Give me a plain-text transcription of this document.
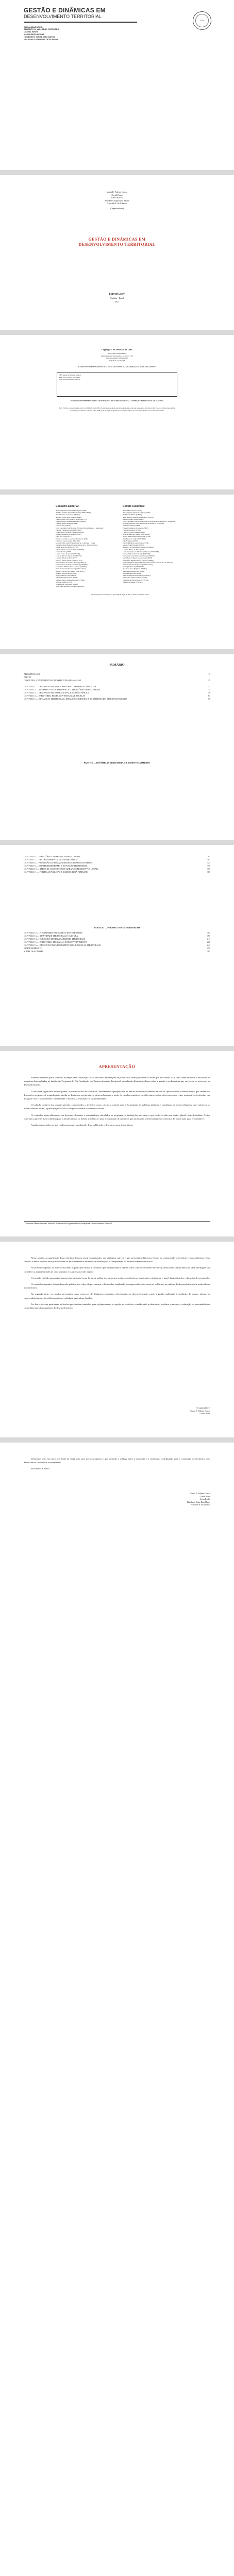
GESTÃO E DINÂMICAS EM
DESENVOLVIMENTO TERRITORIAL
ORGANIZADORES:
BENEDITO A. VALLADÃO PERRUTRO
CAETAL BRUM
MARIA GEISA ROCHA
HUMBERTO JORGE DIAS MATOS
FRANCIELE FERREIRA DE ALMEIDA
CRV
Maria E. Valente Garcia
Caetal Brum
Geisa Rocha
Humberto Jorge Dias Matos
Franciele F. de Almeida
(Organizadores)
GESTÃO E DINÂMICAS EM DESENVOLVIMENTO TERRITORIAL
EDITORA CRV
Curitiba - Brasil
2021
Copyright © da Editora CRV Ltda.
Editor-chefe: Railson Moura
Diagramação e Capa: Designers da Editora CRV
Revisão: Analista de Linguagem
Imagem da capa: Freepik
DADOS INTERNACIONAIS DE CATALOGAÇÃO NA PUBLICAÇÃO (CIP) CATALOGAÇÃO NA FONTE
ISBN Digital 978-65-251-0000-0
ISBN Físico 978-65-251-0000-0
DOI 10.24824/978652510000.0
ESTA OBRA TAMBÉM ENCONTRA-SE DISPONÍVEL EM FORMATO DIGITAL. CONHEÇA E BAIXE NOSSO APLICATIVO!
2021. Foi feito o depósito legal conf. Lei 10.994 de 14/12/2004. Proibida a reprodução parcial ou total desta obra sem autorização da Editora CRV. Todos os direitos desta edição reservados pela: Editora CRV. Tel.: (41) 3039-6418 - E-mail: sac@editoracrv.com.br. Conheça os nossos lançamentos: www.editoracrv.com.br
Conselho Editorial:
Aldira Guimarães Duarte Domínguez (UNB)
Andréia da Silva Quintanilha Sousa (UNIR/UFRN)
Anselmo Alencar Colares (UFOPA)
Antônio Pereira Gaio Júnior (UFRRJ)
Carlos Alberto Vilar Estêvão (UMINHO - PT)
Carlos Federico Dominguez Avila (Unieuro)
Carmen Tereza Velanga (UNIR)
Celso Conti (UFSCar)
Cesar Gerónimo Tello (Univer. Nacional Três de Febrero - Argentina)
Eduardo Fernandes Barbosa (UFMG)
Elione Maria Nogueira Diogenes (UFAL)
Elizeu Clementino de Souza (UNEB)
Élsio José Corá (UFFS)
Fernando Antônio Gonçalves Alcoforado (IPB)
Francisco Carlos Duarte (PUC-PR)
Gloria Fariñas León (Universidade de La Havana - Cuba)
Guillermo Arias Beatón (Universidade de La Havana - Cuba)
Jailson Alves dos Santos (UFRJ)
João Adalberto Campato Junior (UNESP)
Josania Portela (UFPI)
Leonel Severo Rocha (UNISINOS)
Lídia de Oliveira Xavier (UNIEURO)
Lourdes Helena da Silva (UFV)
Marcelo Paixão (UFRJ e UTexas - US)
Maria Cristina dos Santos Bezerra (UFSCar)
Maria de Lourdes Pinto de Almeida (UNOESC)
Maria Lília Imbiriba Sousa Colares (UFOPA)
Paulo Romualdo Hernandes (UNIFAL-MG)
Renato Francisco dos Santos Paula (UFG)
Rodrigo Pratte-Santos (UFES)
Sérgio Nunes de Jesus (IFRO)
Simone Rodrigues Pinto (UNB)
Solange Helena Ximenes-Rocha (UFOPA)
Sydione Santos (UEPG)
Tadeu Oliver Gonçalves (UFPA)
Tania Suely Azevedo Brasileiro (UFOPA)
Comitê Científico:
Altair Alberto Fávero (UPF)
Ana Chrystina Venancio Mignot (UERJ)
Andréia N. Militão (UEMS)
Anna Augusta Sampaio de Oliveira (UNESP)
Barbara Coelho Neves (UFBA)
Cesar Gerónimo Tello (Universidad Nacional de Três de Febrero - Argentina)
Diosnel Centurion (Univ Autónoma de Assunção - Paraguai)
Eliane Rose Maio (UEM)
Elizeu Clementino de Souza (UNEB)
Fauston Negreiros (UFPI)
Francisco Ari de Andrade (UFC)
Gláucia Maria dos Santos Jorge (UFOP)
Helder Buenos Aires de Carvalho (UFPI)
Ilma Passos A. Veiga (UNICEUB)
Inês Bragança (UERJ)
José de Ribamar Sousa Pereira (UCB)
Jussara Fraga Portugal (UNEB)
Kilwangy Kya Kapitango-a-Samba (Unemat)
Lourdes Helena da Silva (UFV)
Lucia Marisy Souza Ribeiro de Oliveira (UNIVASF)
Marcos Vinicius Francisco (UNOESTE)
Maria de Lourdes Pinto de Almeida (UNOESC)
Maria Eurácia Barreto de Andrade (UFRB)
Maria Lília Imbiriba Sousa Colares (UFOPA)
Míguel Ángel Rodríguez Macías (Universidade Complutense de Madrid)
Paulo Romualdo Hernandes (UNIFAL-MG)
Rosângela Fritsch (UNISINOS)
Rosemary Dore Heijmans (UFMG)
Simone Rodrigues Pinto (UNB)
Silvia Regina Canan (URI)
Sonia Maria Ferreira Koehler (UNISAL)
Suzana dos Santos Gomes (UFMG)
Vânia Alves Martins Chaigar (FURG)
Vera Lucia Gaspar (UDESC)
Este livro passou por avaliação e aprovação às cegas de dois ou mais pareceristas ad hoc.
SUMÁRIO
APRESENTAÇÃO	11
PARTE I
CONCEITOS, FUNDAMENTOS E PERSPECTIVAS DE ANÁLISE	15
CAPÍTULO 1 — DESENVOLVIMENTO TERRITORIAL: TEORIAS E CONCEITOS	17
CAPÍTULO 2 — A PERSPECTIVA TERRITORIAL E O TERRITÓRIO EM SEU DEBATE	33
CAPÍTULO 3 — DESENVOLVIMENTO REGIONAL E GESTÃO PÚBLICA	49
CAPÍTULO 4 — TERRITÓRIO, REDES, GOVERNANÇA E ESCALAS	61
CAPÍTULO 5 — DINÂMICAS TERRITORIAIS, ESPAÇO GEOGRÁFICO E AS APTIDÕES DO DESENVOLVIMENTO	75
PARTE II — DINÂMICAS TERRITORIAIS E DESENVOLVIMENTO
CAPÍTULO 6 — TERRITÓRIO E DESENVOLVIMENTO RURAL	91
CAPÍTULO 7 — GESTÃO AMBIENTAL NOS TERRITÓRIOS	107
CAPÍTULO 8 — PRODUÇÃO DO ESPAÇO URBANO E DESENVOLVIMENTO	121
CAPÍTULO 9 — EMPREENDEDORISMO E INOVAÇÃO TERRITORIAL	139
CAPÍTULO 10 — REDES DE COOPERAÇÃO E ARRANJOS PRODUTIVOS LOCAIS	153
CAPÍTULO 11 — POLÍTICAS PÚBLICAS E AGRICULTURA FAMILIAR	167
PARTE III — PERSPECTIVAS TERRITORIAIS
CAPÍTULO 12 — PLANEJAMENTO E GESTÃO DO TERRITÓRIO	183
CAPÍTULO 13 — IDENTIDADE TERRITORIAL E CULTURA	197
CAPÍTULO 14 — TURISMO E DESENVOLVIMENTO TERRITORIAL	211
CAPÍTULO 15 — TERRITÓRIO, EDUCAÇÃO E DESENVOLVIMENTO	227
CAPÍTULO 16 — DESENVOLVIMENTO SUSTENTÁVEL E ESCALAS TERRITORIAIS	241
ÍNDICE REMISSIVO	259
SOBRE OS AUTORES	263
APRESENTAÇÃO

Podemos entender que o território é sempre uma construção social, resultado das relações de poder e das interações entre os atores que nele atuam. Este livro reúne reflexões e resultados de pesquisas desenvolvidas no âmbito do Programa de Pós-Graduação em Desenvolvimento Territorial, articulando diferentes olhares sobre a gestão e as dinâmicas que envolvem os processos de desenvolvimento.

A obra está organizada em três partes. A primeira trata dos conceitos, fundamentos e perspectivas de análise do desenvolvimento territorial, apresentando o debate teórico que sustenta as discussões seguintes. A segunda parte aborda as dinâmicas territoriais e o desenvolvimento a partir de estudos empíricos em diferentes escalas. A terceira parte reúne perspectivas territoriais que dialogam com o planejamento, a identidade, o turismo, a educação e a sustentabilidade.

O trabalho coletivo dos autores permite compreender o território como categoria central para a formulação de políticas públicas e estratégias de desenvolvimento que valorizem as potencialidades locais, a participação social e a cooperação entre os diferentes atores.

Os capítulos foram elaborados por docentes, discentes e pesquisadores vinculados ao programa e a instituições parceiras, o que confere à obra um caráter plural e interdisciplinar. Assim, esperamos que este livro contribua para o fortalecimento do debate acadêmico e para a construção de caminhos que promovam o desenvolvimento territorial de forma mais justa e sustentável.

Agradecemos a todos os que colaboraram com a realização desta publicação e desejamos uma ótima leitura.

¹ Doutora em Desenvolvimento Territorial. Professora do Programa de Pós-Graduação em Desenvolvimento Territorial.

Nesse sentido, a organização desta coletânea buscou reunir contribuições que dialogam entre si e que apresentam diferentes formas de compreender o território e suas dinâmicas. Cada capítulo oferece ao leitor uma possibilidade de aprofundamento em temas relevantes para a compreensão do desenvolvimento territorial.

No primeiro capítulo, os autores discutem as principais teorias e conceitos que fundamentam o debate sobre o desenvolvimento territorial, destacando a importância de uma abordagem que considere as especificidades de cada território e os atores que nele atuam.

O segundo capítulo apresenta a perspectiva territorial como forma de análise dos processos sociais, econômicos e ambientais, enfatizando o papel das instituições e das redes de cooperação.

Os capítulos seguintes tratam da gestão pública, das redes, da governança e das escalas, ampliando a compreensão sobre como as políticas e as práticas de desenvolvimento se materializam nos territórios.

Na segunda parte, os estudos apresentam casos concretos de dinâmicas territoriais relacionadas ao desenvolvimento rural, à gestão ambiental, à produção do espaço urbano, ao empreendedorismo e às políticas públicas voltadas à agricultura familiar.

Por fim, a terceira parte reúne reflexões que apontam caminhos para o planejamento e a gestão do território, considerando a identidade, a cultura, o turismo, a educação e a sustentabilidade como dimensões fundamentais do desenvolvimento.

Os organizadores
Maria E. Valente Garcia
Caetal Brum

Desejamos que esta obra seja fonte de inspiração para novas pesquisas e que estimule o diálogo entre a academia e a sociedade, contribuindo para a construção de territórios mais democráticos, inclusivos e sustentáveis.

Boa leitura a todos!

Maria E. Valente Garcia
Caetal Brum
Geisa Rocha
Humberto Jorge Dias Matos
Franciele F. de Almeida
